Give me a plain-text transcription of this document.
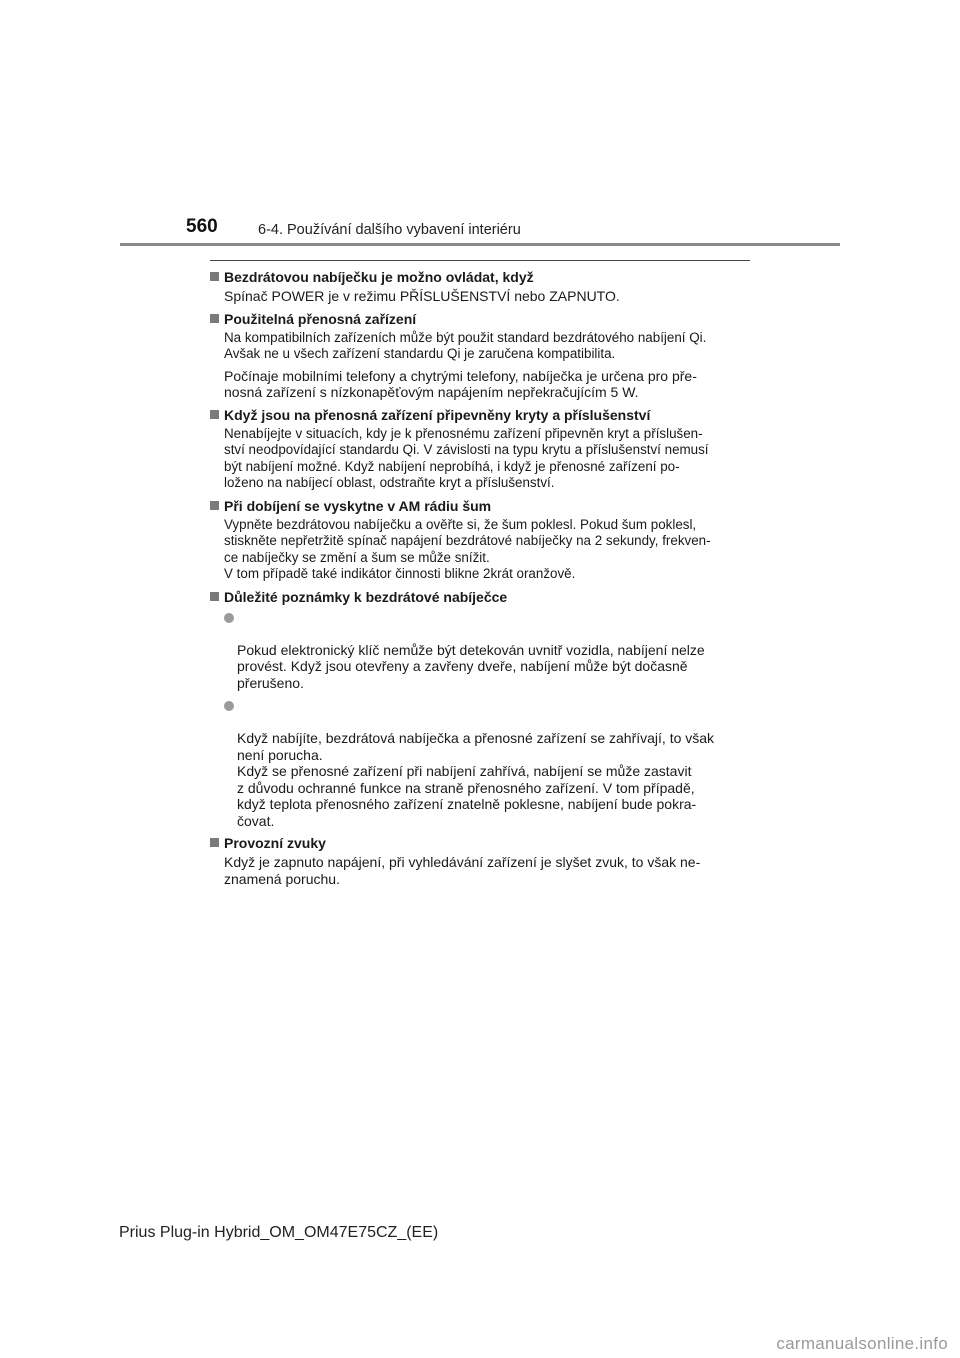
560	6-4. Používání dalšího vybavení interiéru
Bezdrátovou nabíječku je možno ovládat, když
Spínač POWER je v režimu PŘÍSLUŠENSTVÍ nebo ZAPNUTO.
Použitelná přenosná zařízení
Na kompatibilních zařízeních může být použit standard bezdrátového nabíjení Qi.
Avšak ne u všech zařízení standardu Qi je zaručena kompatibilita.
Počínaje mobilními telefony a chytrými telefony, nabíječka je určena pro pře-
nosná zařízení s nízkonapěťovým napájením nepřekračujícím 5 W.
Když jsou na přenosná zařízení připevněny kryty a příslušenství
Nenabíjejte v situacích, kdy je k přenosnému zařízení připevněn kryt a příslušen-
ství neodpovídající standardu Qi. V závislosti na typu krytu a příslušenství nemusí
být nabíjení možné. Když nabíjení neprobíhá, i když je přenosné zařízení po-
loženo na nabíjecí oblast, odstraňte kryt a příslušenství.
Při dobíjení se vyskytne v AM rádiu šum
Vypněte bezdrátovou nabíječku a ověřte si, že šum poklesl. Pokud šum poklesl,
stiskněte nepřetržitě spínač napájení bezdrátové nabíječky na 2 sekundy, frekven-
ce nabíječky se změní a šum se může snížit.
V tom případě také indikátor činnosti blikne 2krát oranžově.
Důležité poznámky k bezdrátové nabíječce

Pokud elektronický klíč nemůže být detekován uvnitř vozidla, nabíjení nelze
provést. Když jsou otevřeny a zavřeny dveře, nabíjení může být dočasně
přerušeno.

Když nabíjíte, bezdrátová nabíječka a přenosné zařízení se zahřívají, to však
není porucha.
Když se přenosné zařízení při nabíjení zahřívá, nabíjení se může zastavit
z důvodu ochranné funkce na straně přenosného zařízení. V tom případě,
když teplota přenosného zařízení znatelně poklesne, nabíjení bude pokra-
čovat.

Provozní zvuky
Když je zapnuto napájení, při vyhledávání zařízení je slyšet zvuk, to však ne-
znamená poruchu.
Prius Plug-in Hybrid_OM_OM47E75CZ_(EE)
carmanualsonline.info
